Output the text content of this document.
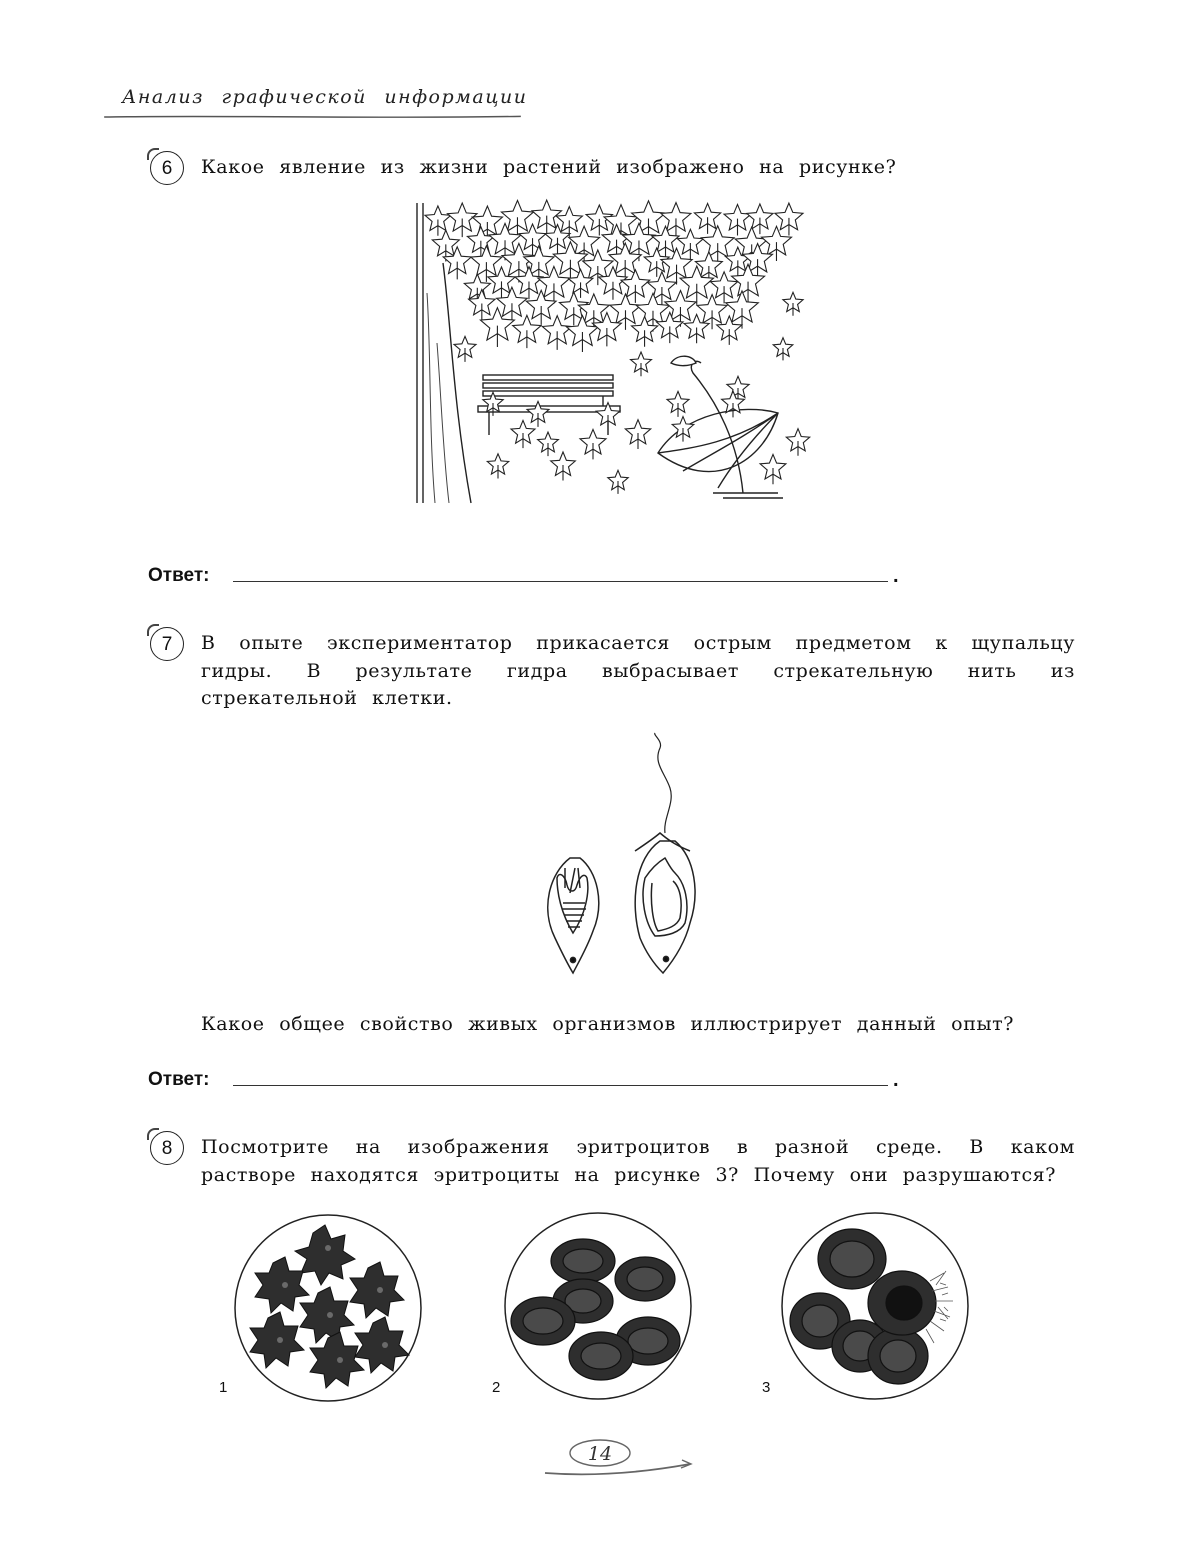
Анализ графической информации
6	Какое явление из жизни растений изображено на рисунке?
Ответ:	.
7	В опыте экспериментатор прикасается острым предметом к щупальцу гидры. В результате гидра выбрасывает стрекательную нить из стрекательной клетки.
Какое общее свойство живых организмов иллюстрирует данный опыт?
Ответ:	.
8	Посмотрите на изображения эритроцитов в разной среде. В каком растворе находятся эритроциты на рисунке 3? Почему они разрушаются?
1	2	3
14
